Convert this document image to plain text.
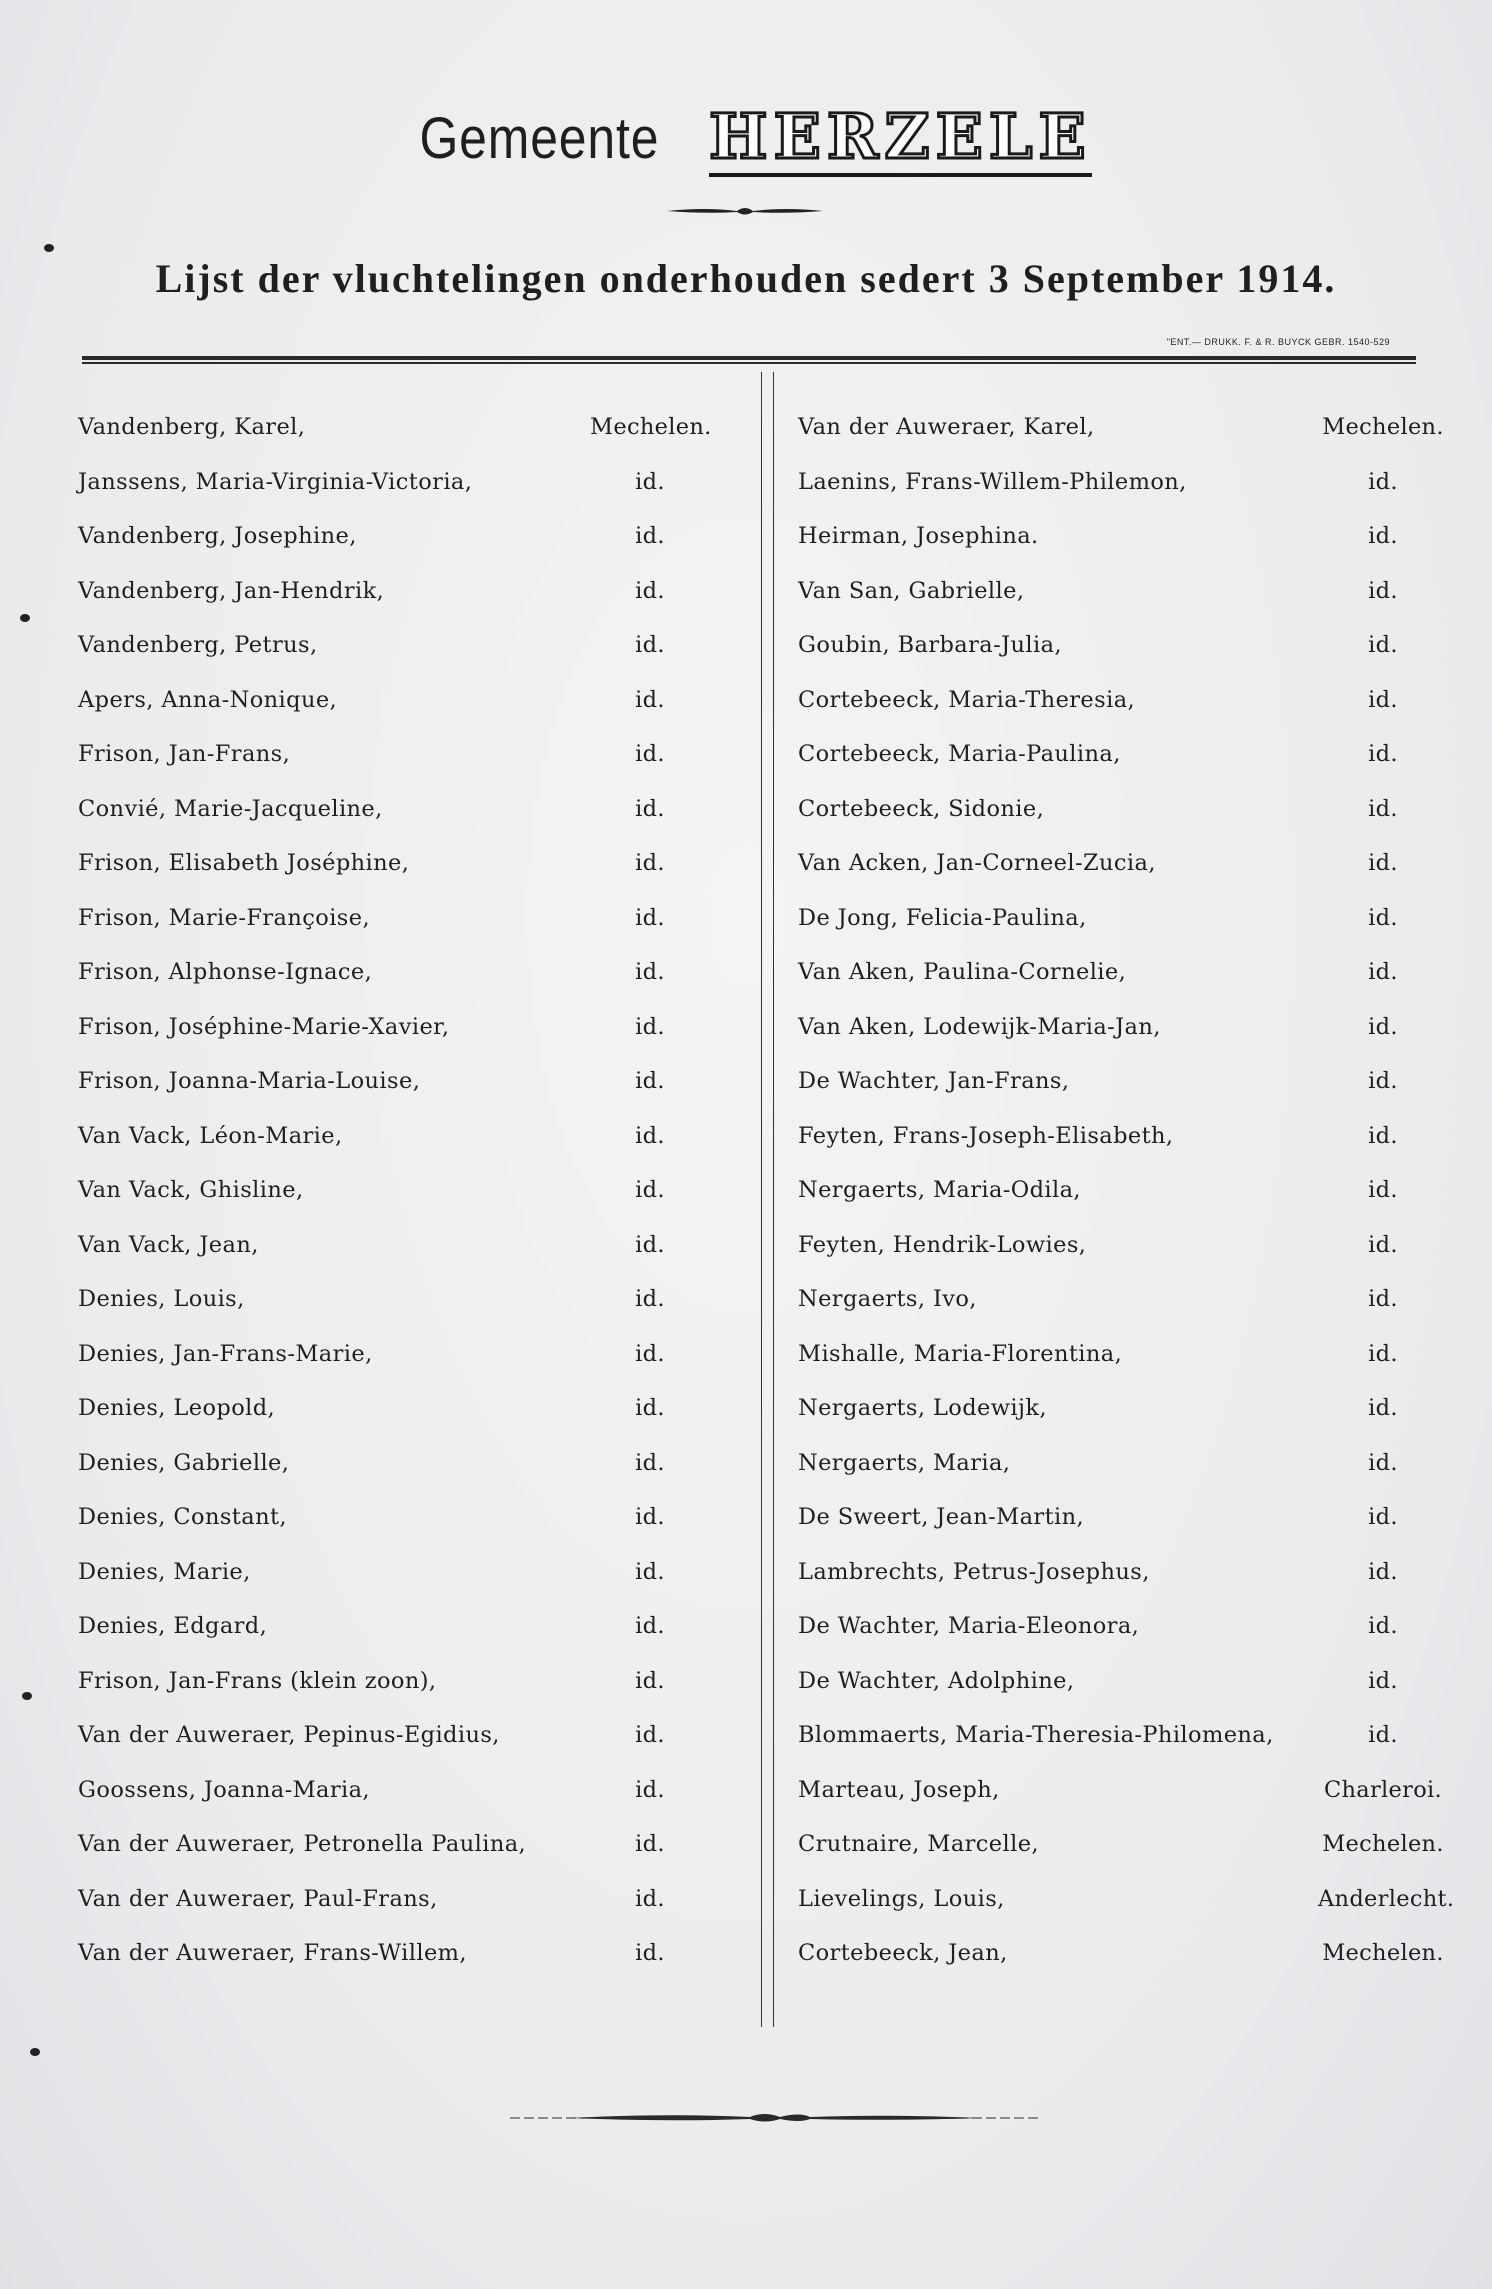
Gemeente HERZELE
Lijst der vluchtelingen onderhouden sedert 3 September 1914.
"ENT.— DRUKK. F. & R. BUYCK GEBR. 1540-529
Vandenberg, Karel,	Mechelen.
Janssens, Maria-Virginia-Victoria,	id.
Vandenberg, Josephine,	id.
Vandenberg, Jan-Hendrik,	id.
Vandenberg, Petrus,	id.
Apers, Anna-Nonique,	id.
Frison, Jan-Frans,	id.
Convié, Marie-Jacqueline,	id.
Frison, Elisabeth Joséphine,	id.
Frison, Marie-Françoise,	id.
Frison, Alphonse-Ignace,	id.
Frison, Joséphine-Marie-Xavier,	id.
Frison, Joanna-Maria-Louise,	id.
Van Vack, Léon-Marie,	id.
Van Vack, Ghisline,	id.
Van Vack, Jean,	id.
Denies, Louis,	id.
Denies, Jan-Frans-Marie,	id.
Denies, Leopold,	id.
Denies, Gabrielle,	id.
Denies, Constant,	id.
Denies, Marie,	id.
Denies, Edgard,	id.
Frison, Jan-Frans (klein zoon),	id.
Van der Auweraer, Pepinus-Egidius,	id.
Goossens, Joanna-Maria,	id.
Van der Auweraer, Petronella Paulina,	id.
Van der Auweraer, Paul-Frans,	id.
Van der Auweraer, Frans-Willem,	id.
Van der Auweraer, Karel,	Mechelen.
Laenins, Frans-Willem-Philemon,	id.
Heirman, Josephina.	id.
Van San, Gabrielle,	id.
Goubin, Barbara-Julia,	id.
Cortebeeck, Maria-Theresia,	id.
Cortebeeck, Maria-Paulina,	id.
Cortebeeck, Sidonie,	id.
Van Acken, Jan-Corneel-Zucia,	id.
De Jong, Felicia-Paulina,	id.
Van Aken, Paulina-Cornelie,	id.
Van Aken, Lodewijk-Maria-Jan,	id.
De Wachter, Jan-Frans,	id.
Feyten, Frans-Joseph-Elisabeth,	id.
Nergaerts, Maria-Odila,	id.
Feyten, Hendrik-Lowies,	id.
Nergaerts, Ivo,	id.
Mishalle, Maria-Florentina,	id.
Nergaerts, Lodewijk,	id.
Nergaerts, Maria,	id.
De Sweert, Jean-Martin,	id.
Lambrechts, Petrus-Josephus,	id.
De Wachter, Maria-Eleonora,	id.
De Wachter, Adolphine,	id.
Blommaerts, Maria-Theresia-Philomena,	id.
Marteau, Joseph,	Charleroi.
Crutnaire, Marcelle,	Mechelen.
Lievelings, Louis,	Anderlecht.
Cortebeeck, Jean,	Mechelen.
